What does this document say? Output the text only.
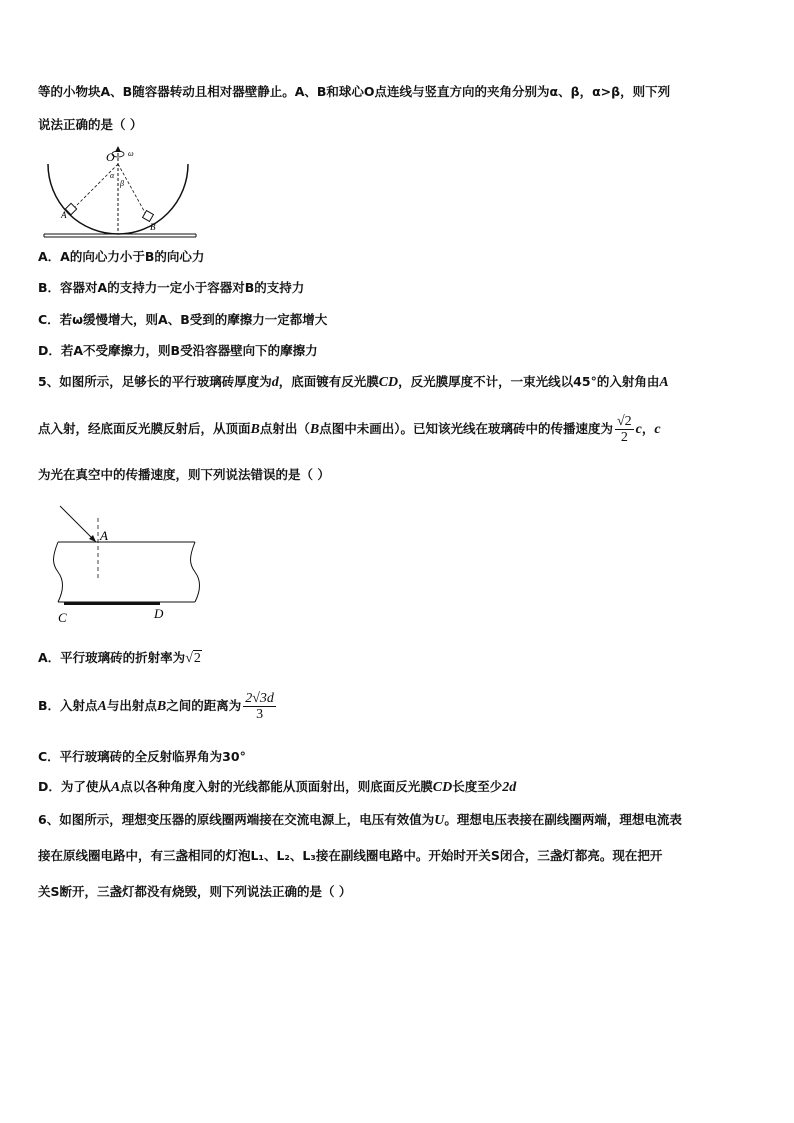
等的小物块A、B随容器转动且相对器壁静止。A、B和球心O点连线与竖直方向的夹角分别为α、β，α>β，则下列
说法正确的是（ ）
O ω
α
β
A
B
A．A的向心力小于B的向心力
B．容器对A的支持力一定小于容器对B的支持力
C．若ω缓慢增大，则A、B受到的摩擦力一定都增大
D．若A不受摩擦力，则B受沿容器壁向下的摩擦力
5、如图所示，足够长的平行玻璃砖厚度为d，底面镀有反光膜CD，反光膜厚度不计，一束光线以45°的入射角由A
点入射，经底面反光膜反射后，从顶面B点射出（B点图中未画出）。已知该光线在玻璃砖中的传播速度为 $\frac{√2}{2}$ c，c
为光在真空中的传播速度，则下列说法错误的是（ ）
A
C	D
A．平行玻璃砖的折射率为√2
B．入射点A与出射点B之间的距离为 $\frac{2√3d}{3}$
C．平行玻璃砖的全反射临界角为30°
D．为了使从A点以各种角度入射的光线都能从顶面射出，则底面反光膜CD长度至少2d
6、如图所示，理想变压器的原线圈两端接在交流电源上，电压有效值为U。理想电压表接在副线圈两端，理想电流表
接在原线圈电路中，有三盏相同的灯泡L₁、L₂、L₃接在副线圈电路中。开始时开关S闭合，三盏灯都亮。现在把开
关S断开，三盏灯都没有烧毁，则下列说法正确的是（ ）
